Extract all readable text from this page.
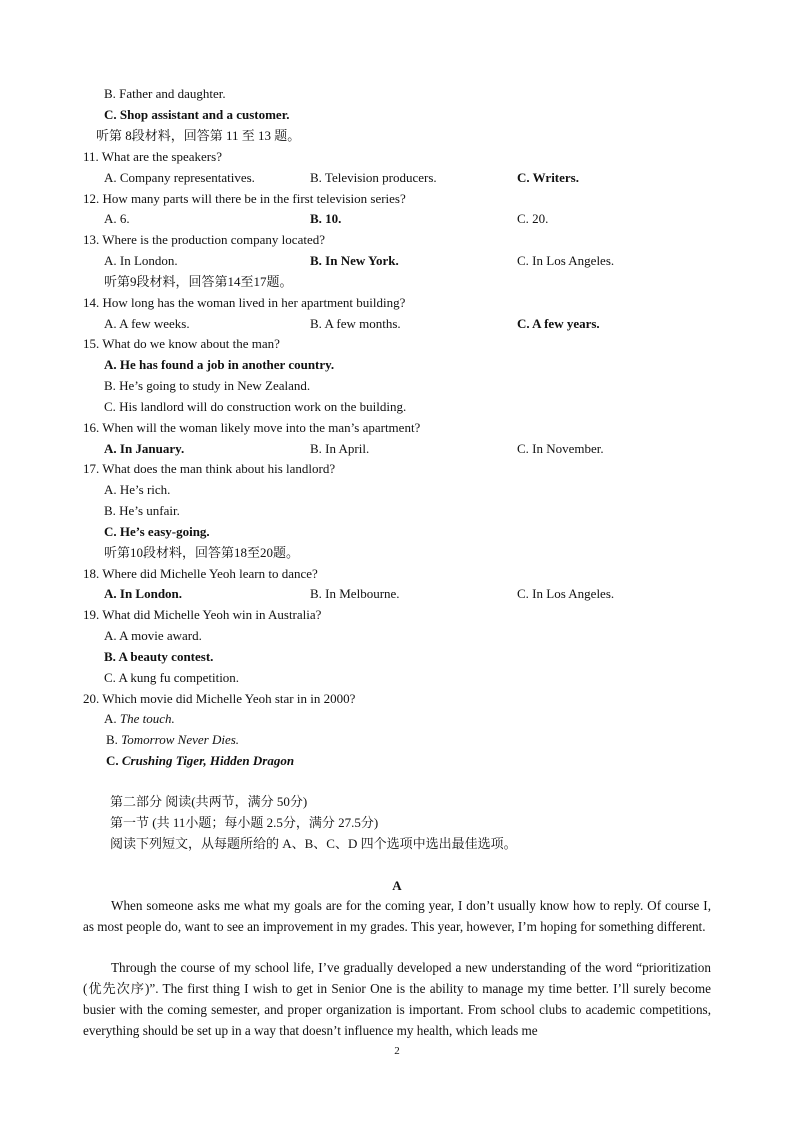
B. Father and daughter.
C. Shop assistant and a customer.
听第 8段材料，回答第 11 至 13 题。
11. What are the speakers?
A. Company representatives.	B. Television producers.	C. Writers.
12. How many parts will there be in the first television series?
A. 6.	B. 10.	C. 20.
13. Where is the production company located?
A. In London.	B. In New York.	C. In Los Angeles.
听第9段材料，回答第14至17题。
14. How long has the woman lived in her apartment building?
A. A few weeks.	B. A few months.	C. A few years.
15. What do we know about the man?
A. He has found a job in another country.
B. He’s going to study in New Zealand.
C. His landlord will do construction work on the building.
16. When will the woman likely move into the man’s apartment?
A. In January.	B. In April.	C. In November.
17. What does the man think about his landlord?
A. He’s rich.
B. He’s unfair.
C. He’s easy-going.
听第10段材料，回答第18至20题。
18. Where did Michelle Yeoh learn to dance?
A. In London.	B. In Melbourne.	C. In Los Angeles.
19. What did Michelle Yeoh win in Australia?
A. A movie award.
B. A beauty contest.
C. A kung fu competition.
20. Which movie did Michelle Yeoh star in in 2000?
A. The touch.
B. Tomorrow Never Dies.
C. Crushing Tiger, Hidden Dragon
第二部分 阅读(共两节，满分 50分)
第一节 (共 11小题；每小题 2.5分，满分 27.5分)
阅读下列短文，从每题所给的 A、B、C、D 四个选项中选出最佳选项。
A
When someone asks me what my goals are for the coming year, I don’t usually know how to reply. Of course I, as most people do, want to see an improvement in my grades. This year, however, I’m hoping for something different.
Through the course of my school life, I’ve gradually developed a new understanding of the word “prioritization (优先次序)”. The first thing I wish to get in Senior One is the ability to manage my time better. I’ll surely become busier with the coming semester, and proper organization is important. From school clubs to academic competitions, everything should be set up in a way that doesn’t influence my health, which leads me
2
